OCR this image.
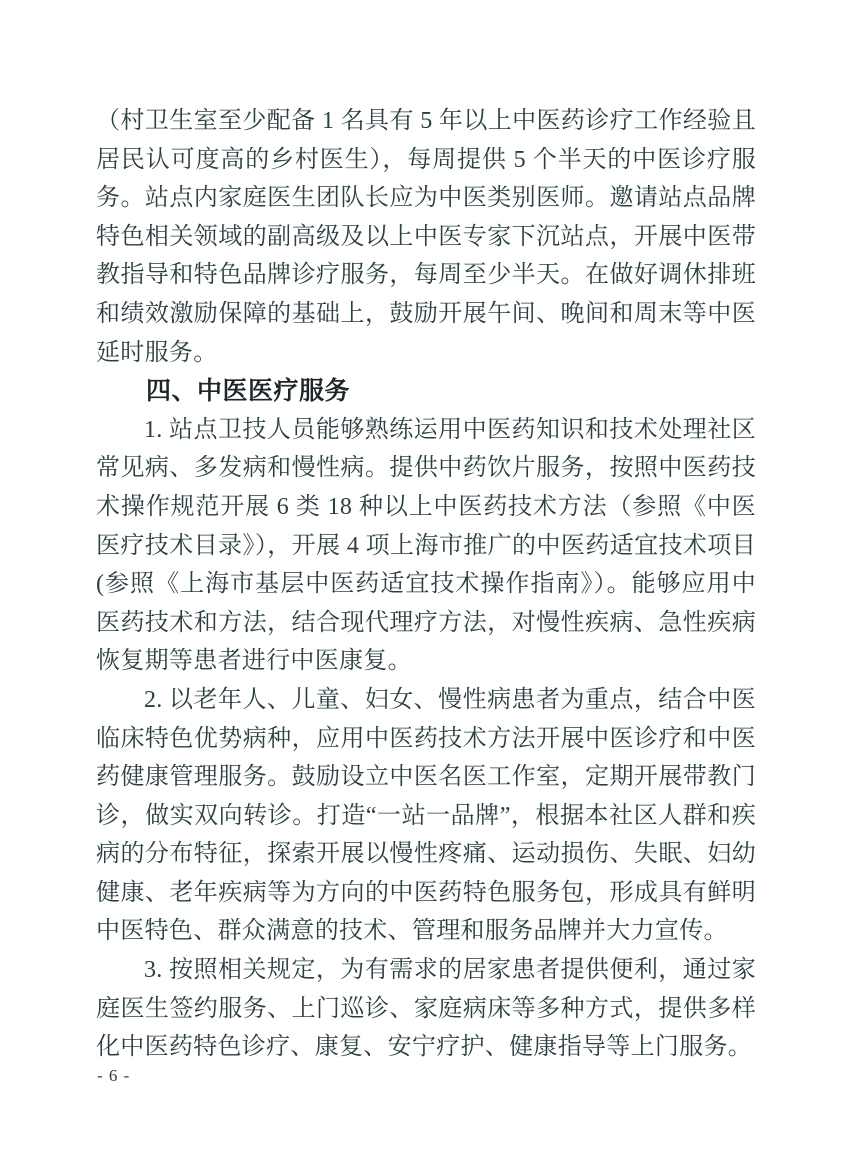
（村卫生室至少配备 1 名具有 5 年以上中医药诊疗工作经验且居民认可度高的乡村医生），每周提供 5 个半天的中医诊疗服务。站点内家庭医生团队长应为中医类别医师。邀请站点品牌特色相关领域的副高级及以上中医专家下沉站点，开展中医带教指导和特色品牌诊疗服务，每周至少半天。在做好调休排班和绩效激励保障的基础上，鼓励开展午间、晚间和周末等中医延时服务。

四、中医医疗服务

1. 站点卫技人员能够熟练运用中医药知识和技术处理社区常见病、多发病和慢性病。提供中药饮片服务，按照中医药技术操作规范开展 6 类 18 种以上中医药技术方法（参照《中医医疗技术目录》），开展 4 项上海市推广的中医药适宜技术项目(参照《上海市基层中医药适宜技术操作指南》）。能够应用中医药技术和方法，结合现代理疗方法，对慢性疾病、急性疾病恢复期等患者进行中医康复。

2. 以老年人、儿童、妇女、慢性病患者为重点，结合中医临床特色优势病种，应用中医药技术方法开展中医诊疗和中医药健康管理服务。鼓励设立中医名医工作室，定期开展带教门诊，做实双向转诊。打造“一站一品牌”，根据本社区人群和疾病的分布特征，探索开展以慢性疼痛、运动损伤、失眠、妇幼健康、老年疾病等为方向的中医药特色服务包，形成具有鲜明中医特色、群众满意的技术、管理和服务品牌并大力宣传。

3. 按照相关规定，为有需求的居家患者提供便利，通过家庭医生签约服务、上门巡诊、家庭病床等多种方式，提供多样化中医药特色诊疗、康复、安宁疗护、健康指导等上门服务。

- 6 -
